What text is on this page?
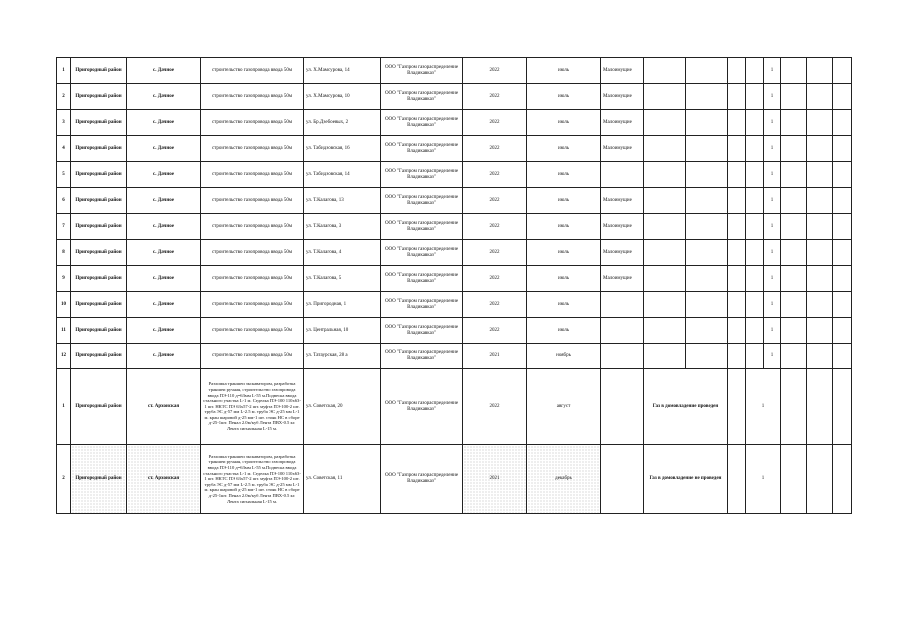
1	Пригородный район	с. Дачное	строительство газопровода ввода 50м	ул. Х.Мамсурова, 14	ООО "Газпром газораспределение Владикавказ"	2022	июль	Малоимущие					1			
2	Пригородный район	с. Дачное	строительство газопровода ввода 50м	ул. Х.Мамсурова, 10	ООО "Газпром газораспределение Владикавказ"	2022	июль	Малоимущие					1			
3	Пригородный район	с. Дачное	строительство газопровода ввода 50м	ул. Бр.Дзебоевых, 2	ООО "Газпром газораспределение Владикавказ"	2022	июль	Малоимущие					1			
4	Пригородный район	с. Дачное	строительство газопровода ввода 50м	ул. Табидзовская, 16	ООО "Газпром газораспределение Владикавказ"	2022	июль	Малоимущие					1			
5	Пригородный район	с. Дачное	строительство газопровода ввода 50м	ул. Табидзовская, 14	ООО "Газпром газораспределение Владикавказ"	2022	июль						1			
6	Пригородный район	с. Дачное	строительство газопровода ввода 50м	ул. Т.Калагова, 13	ООО "Газпром газораспределение Владикавказ"	2022	июль	Малоимущие					1			
7	Пригородный район	с. Дачное	строительство газопровода ввода 50м	ул. Т.Калагова, 3	ООО "Газпром газораспределение Владикавказ"	2022	июль	Малоимущие					1			
8	Пригородный район	с. Дачное	строительство газопровода ввода 50м	ул. Т.Калагова, 4	ООО "Газпром газораспределение Владикавказ"	2022	июль	Малоимущие					1			
9	Пригородный район	с. Дачное	строительство газопровода ввода 50м	ул. Т.Калагова, 5	ООО "Газпром газораспределение Владикавказ"	2022	июль	Малоимущие					1			
10	Пригородный район	с. Дачное	строительство газопровода ввода 50м	ул. Пригородная, 1	ООО "Газпром газораспределение Владикавказ"	2022	июль						1			
11	Пригородный район	с. Дачное	строительство газопровода ввода 50м	ул. Центральная, 10	ООО "Газпром газораспределение Владикавказ"	2022	июль						1			
12	Пригородный район	с. Дачное	строительство газопровода ввода 50м	ул. Татаурская, 28 а	ООО "Газпром газораспределение Владикавказ"	2021	ноябрь						1			
1	Пригородный район	ст. Архонская	Разломка траншеи экскаватором, разработка траншеи ручная, строительство газопровода ввода ПЭ-110 д=63мм L-55 м.Подвеска ввода стального участка L-1 м. Седелка ПЭ-100 110х63-1 шт. НКТС ПЭ 63х57-2 шт. муфта ПЭ-100-2 шт. труба ЭС д-57 мм L-2.5 м. труба ЭС д-25 мм L-1 м. кран шаровой д-25 мм-1 шт. стояк НС в сборе д-25-1шт. Пенал 2.0м/куб Лента ПВХ-0.5 кг. Лента сигнальная L-15 м.	ул. Советская, 20	ООО "Газпром газораспределение Владикавказ"	2022	август		Газ в домовладение проведен			1				
2	Пригородный район	ст. Архонская	Разломка траншеи экскаватором, разработка траншеи ручная, строительство газопровода ввода ПЭ-110 д=63мм L-55 м.Подвеска ввода стального участка L-1 м. Седелка ПЭ-100 110х63-1 шт. НКТС ПЭ 63х57-2 шт. муфта ПЭ-100-2 шт. труба ЭС д-57 мм L-2.5 м. труба ЭС д-25 мм L-1 м. кран шаровой д-25 мм-1 шт. стояк НС в сборе д-25-1шт. Пенал 2.0м/куб Лента ПВХ-0.5 кг. Лента сигнальная L-15 м.	ул. Советская, 11	ООО "Газпром газораспределение Владикавказ"	2021	декабрь		Газ в домовладение не проведен			1				
